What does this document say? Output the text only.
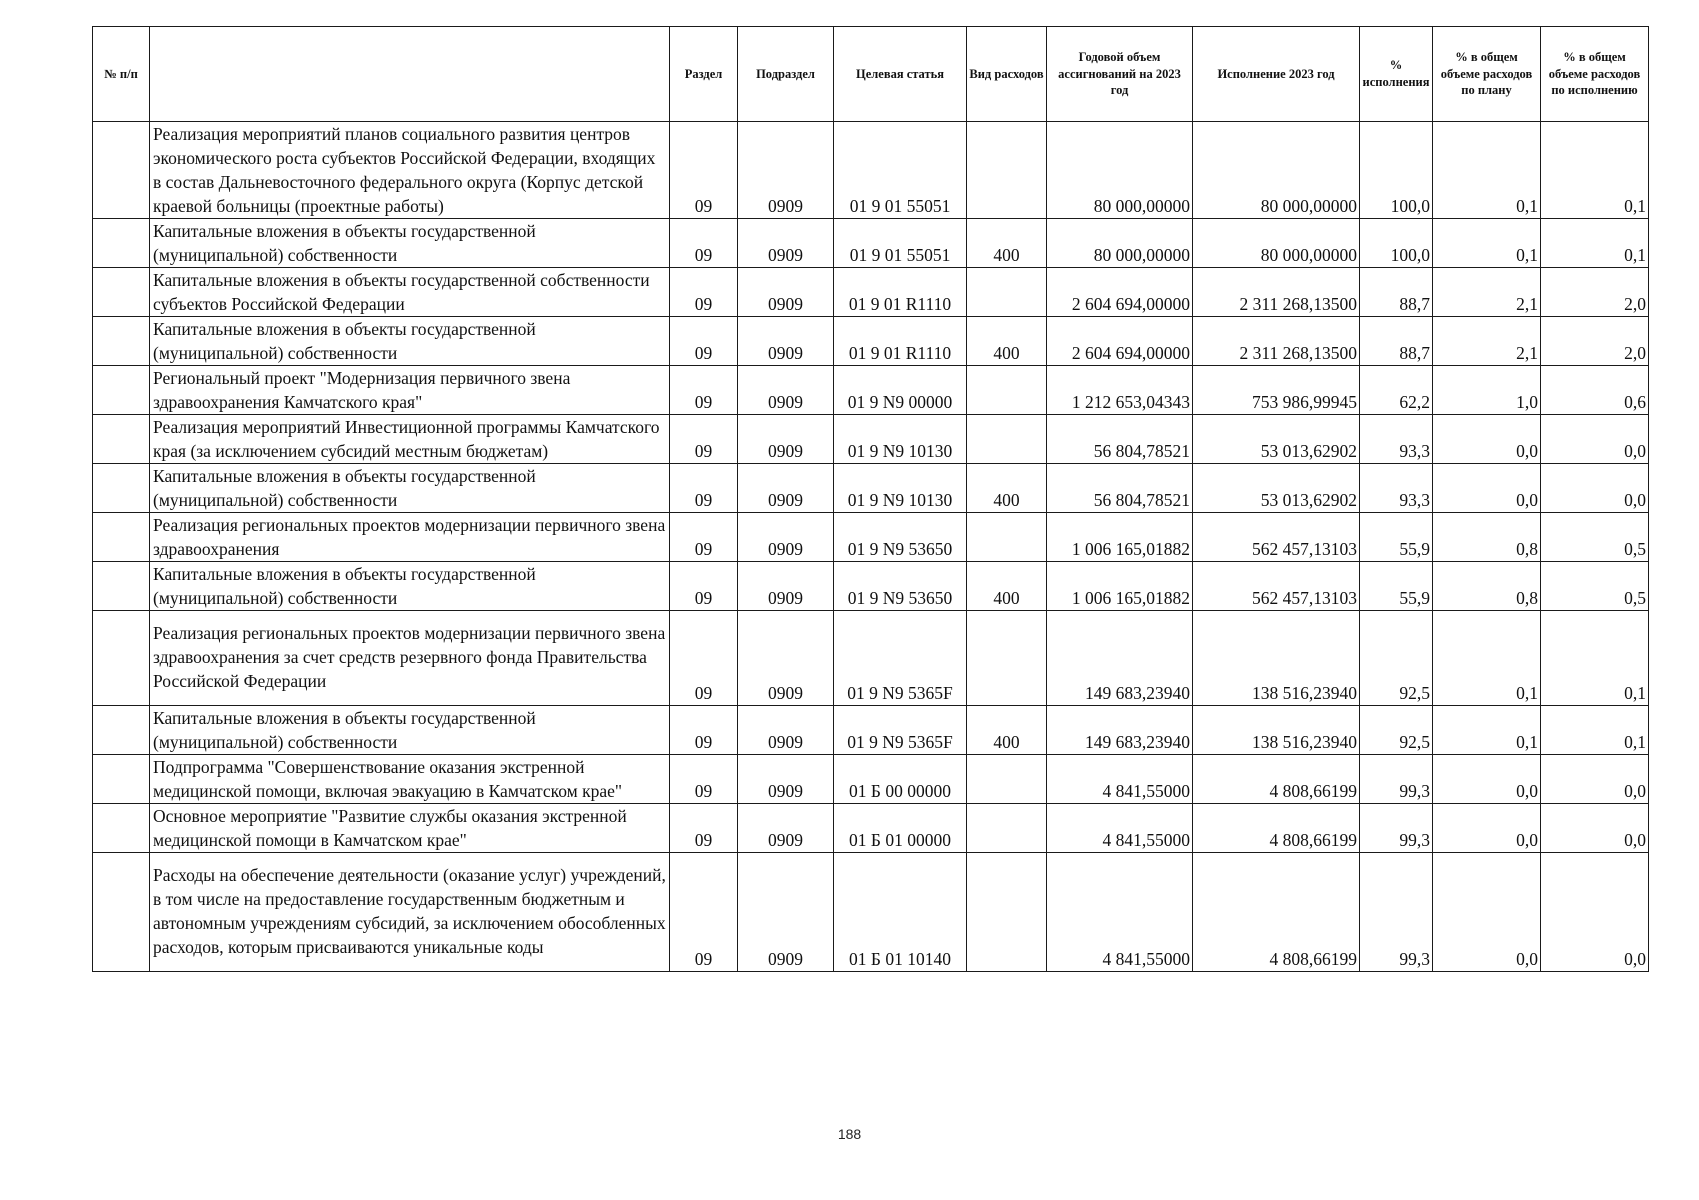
№ п/п		Раздел	Подраздел	Целевая статья	Вид расходов	Годовой объем ассигнований на 2023 год	Исполнение 2023 год	% исполнения	% в общем объеме расходов по плану	% в общем объеме расходов по исполнению
	Реализация мероприятий планов социального развития центров экономического роста субъектов Российской Федерации, входящих в состав Дальневосточного федерального округа (Корпус детской краевой больницы (проектные работы)	09	0909	01 9 01 55051		80 000,00000	80 000,00000	100,0	0,1	0,1
	Капитальные вложения в объекты государственной (муниципальной) собственности	09	0909	01 9 01 55051	400	80 000,00000	80 000,00000	100,0	0,1	0,1
	Капитальные вложения в объекты государственной собственности субъектов Российской Федерации	09	0909	01 9 01 R1110		2 604 694,00000	2 311 268,13500	88,7	2,1	2,0
	Капитальные вложения в объекты государственной (муниципальной) собственности	09	0909	01 9 01 R1110	400	2 604 694,00000	2 311 268,13500	88,7	2,1	2,0
	Региональный проект "Модернизация первичного звена здравоохранения Камчатского края"	09	0909	01 9 N9 00000		1 212 653,04343	753 986,99945	62,2	1,0	0,6
	Реализация мероприятий Инвестиционной программы Камчатского края (за исключением субсидий местным бюджетам)	09	0909	01 9 N9 10130		56 804,78521	53 013,62902	93,3	0,0	0,0
	Капитальные вложения в объекты государственной (муниципальной) собственности	09	0909	01 9 N9 10130	400	56 804,78521	53 013,62902	93,3	0,0	0,0
	Реализация региональных проектов модернизации первичного звена здравоохранения	09	0909	01 9 N9 53650		1 006 165,01882	562 457,13103	55,9	0,8	0,5
	Капитальные вложения в объекты государственной (муниципальной) собственности	09	0909	01 9 N9 53650	400	1 006 165,01882	562 457,13103	55,9	0,8	0,5
	Реализация региональных проектов модернизации первичного звена здравоохранения за счет средств резервного фонда Правительства Российской Федерации	09	0909	01 9 N9 5365F		149 683,23940	138 516,23940	92,5	0,1	0,1
	Капитальные вложения в объекты государственной (муниципальной) собственности	09	0909	01 9 N9 5365F	400	149 683,23940	138 516,23940	92,5	0,1	0,1
	Подпрограмма "Совершенствование оказания экстренной медицинской помощи, включая эвакуацию в Камчатском крае"	09	0909	01 Б 00 00000		4 841,55000	4 808,66199	99,3	0,0	0,0
	Основное мероприятие "Развитие службы оказания экстренной медицинской помощи в Камчатском крае"	09	0909	01 Б 01 00000		4 841,55000	4 808,66199	99,3	0,0	0,0
	Расходы на обеспечение деятельности (оказание услуг) учреждений, в том числе на предоставление государственным бюджетным и автономным учреждениям субсидий, за исключением обособленных расходов, которым присваиваются уникальные коды	09	0909	01 Б 01 10140		4 841,55000	4 808,66199	99,3	0,0	0,0
188
